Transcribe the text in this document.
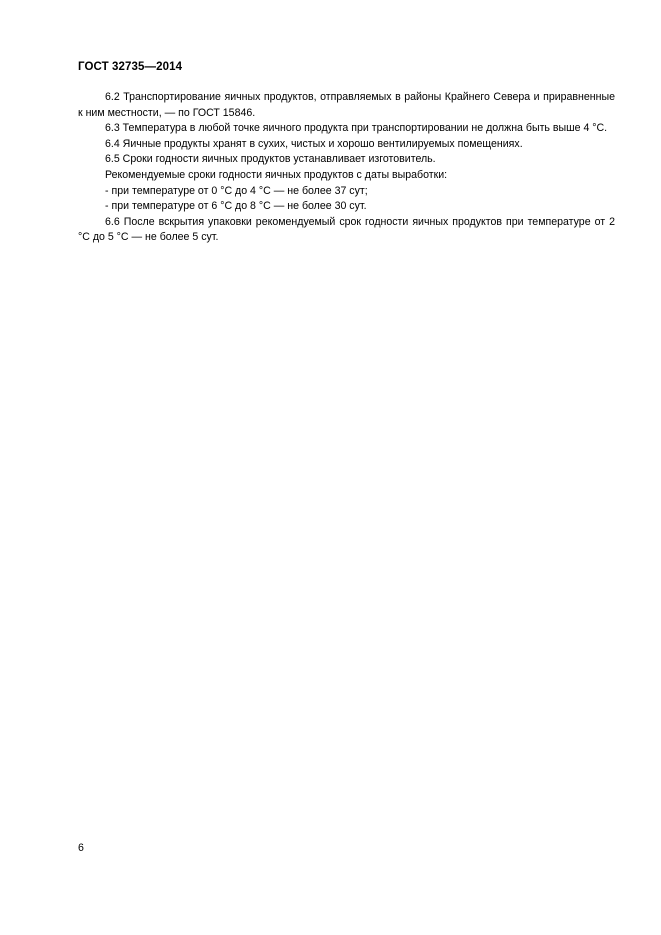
ГОСТ 32735—2014

6.2 Транспортирование яичных продуктов, отправляемых в районы Крайнего Севера и приравненные к ним местности, — по ГОСТ 15846.

6.3 Температура в любой точке яичного продукта при транспортировании не должна быть выше 4 °С.

6.4 Яичные продукты хранят в сухих, чистых и хорошо вентилируемых помещениях.

6.5 Сроки годности яичных продуктов устанавливает изготовитель.

Рекомендуемые сроки годности яичных продуктов с даты выработки:

- при температуре от 0 °С до 4 °С — не более 37 сут;

- при температуре от 6 °С до 8 °С — не более 30 сут.

6.6 После вскрытия упаковки рекомендуемый срок годности яичных продуктов при температуре от 2 °С до 5 °С — не более 5 сут.

6
